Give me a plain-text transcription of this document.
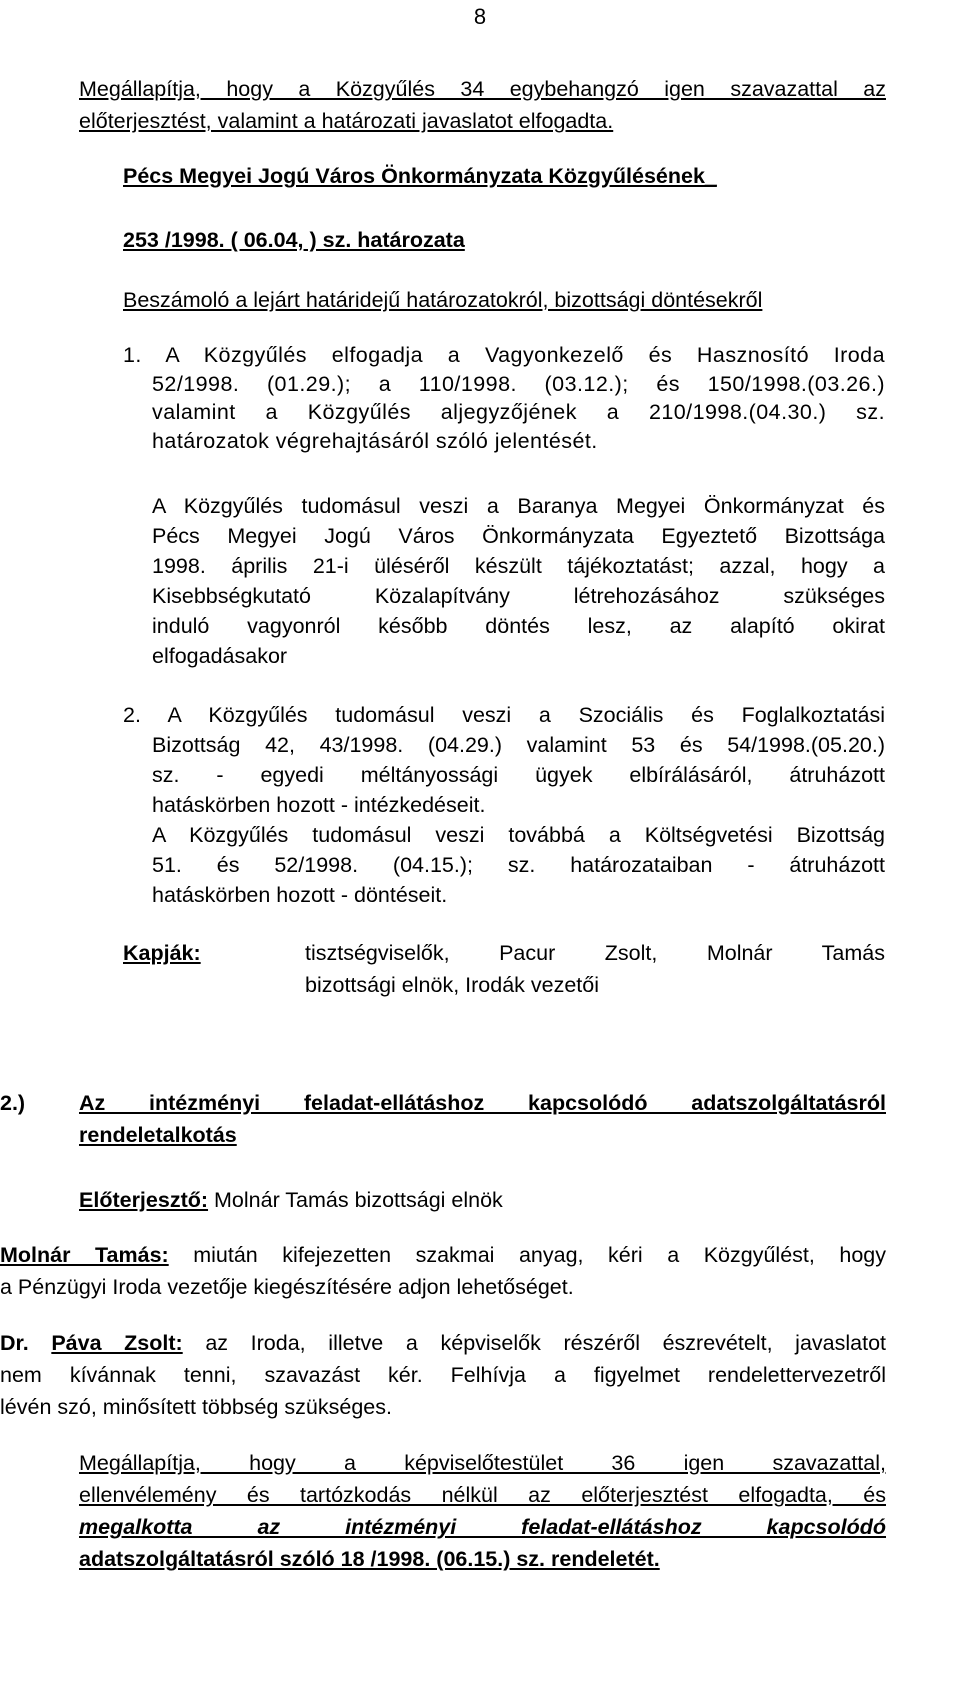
8
Megállapítja, hogy a Közgyűlés 34 egybehangzó igen szavazattal az
előterjesztést, valamint a határozati javaslatot elfogadta.
Pécs Megyei Jogú Város Önkormányzata Közgyűlésének_
253 /1998. ( 06.04, ) sz. határozata
Beszámoló a lejárt határidejű határozatokról, bizottsági döntésekről
1. A Közgyűlés elfogadja a Vagyonkezelő és Hasznosító Iroda
52/1998. (01.29.); a 110/1998. (03.12.); és 150/1998.(03.26.)
valamint a Közgyűlés aljegyzőjének a 210/1998.(04.30.) sz.
határozatok végrehajtásáról szóló jelentését.
A Közgyűlés tudomásul veszi a Baranya Megyei Önkormányzat és
Pécs Megyei Jogú Város Önkormányzata Egyeztető Bizottsága
1998. április 21-i üléséről készült tájékoztatást; azzal, hogy a
Kisebbségkutató Közalapítvány létrehozásához szükséges
induló vagyonról később döntés lesz, az alapító okirat
elfogadásakor
2. A Közgyűlés tudomásul veszi a Szociális és Foglalkoztatási
Bizottság 42, 43/1998. (04.29.) valamint 53 és 54/1998.(05.20.)
sz. - egyedi méltányossági ügyek elbírálásáról, átruházott
hatáskörben hozott - intézkedéseit.
A Közgyűlés tudomásul veszi továbbá a Költségvetési Bizottság
51. és 52/1998. (04.15.); sz. határozataiban - átruházott
hatáskörben hozott - döntéseit.
Kapják:	tisztségviselők, Pacur Zsolt, Molnár Tamás
bizottsági elnök, Irodák vezetői
2.)	Az intézményi feladat-ellátáshoz kapcsolódó adatszolgáltatásról
rendeletalkotás
Előterjesztő: Molnár Tamás bizottsági elnök
Molnár Tamás: miután kifejezetten szakmai anyag, kéri a Közgyűlést, hogy
a Pénzügyi Iroda vezetője kiegészítésére adjon lehetőséget.
Dr. Páva Zsolt: az Iroda, illetve a képviselők részéről észrevételt, javaslatot
nem kívánnak tenni, szavazást kér. Felhívja a figyelmet rendelettervezetről
lévén szó, minősített többség szükséges.
Megállapítja, hogy a képviselőtestület 36 igen szavazattal,
ellenvélemény és tartózkodás nélkül az előterjesztést elfogadta, és
megalkotta az intézményi feladat-ellátáshoz kapcsolódó
adatszolgáltatásról szóló 18 /1998. (06.15.) sz. rendeletét.
